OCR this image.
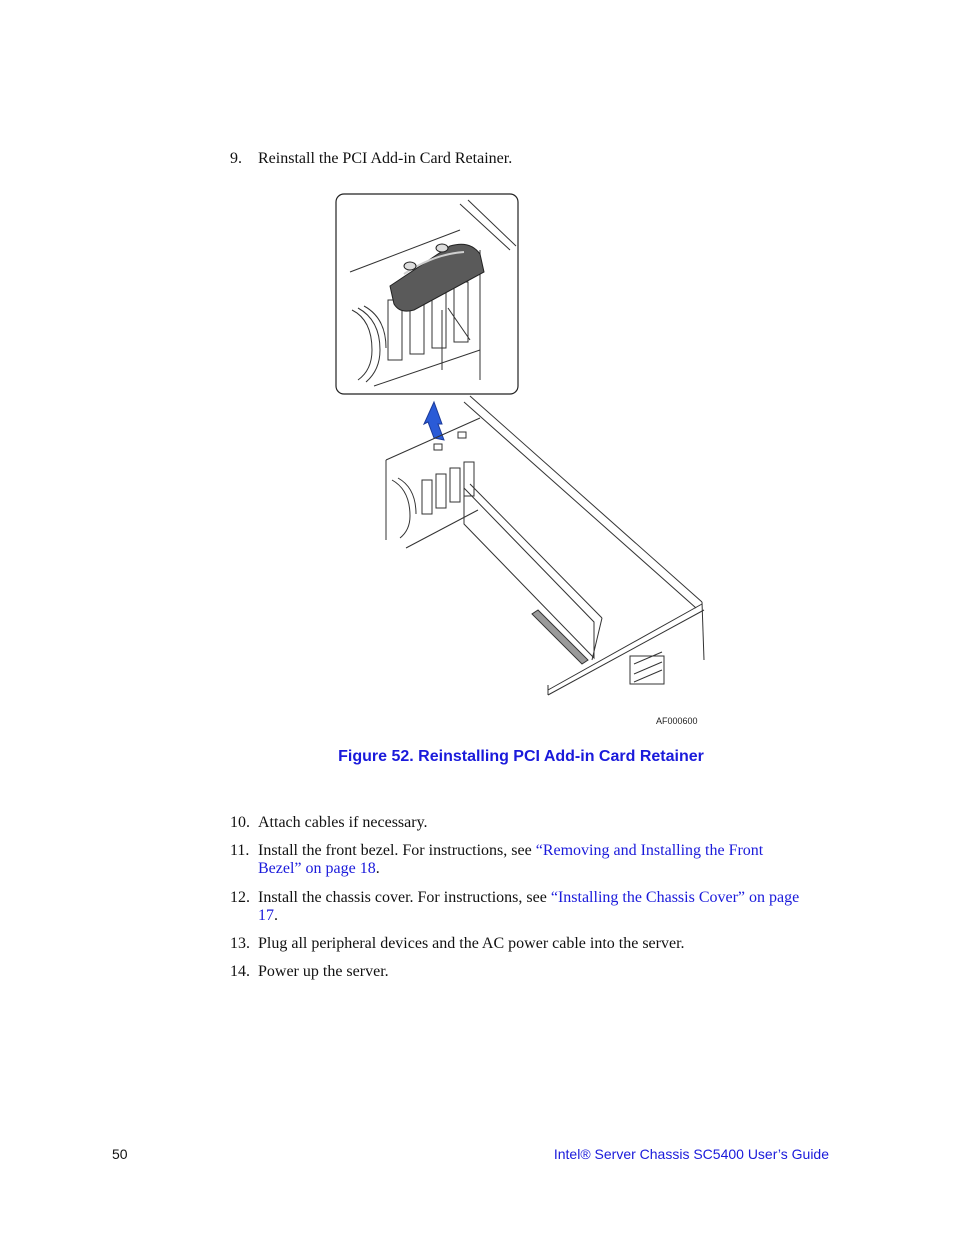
9. Reinstall the PCI Add-in Card Retainer.
AF000600
Figure 52. Reinstalling PCI Add-in Card Retainer
10. Attach cables if necessary.
11. Install the front bezel. For instructions, see “Removing and Installing the Front Bezel” on page 18.
12. Install the chassis cover. For instructions, see “Installing the Chassis Cover” on page 17.
13. Plug all peripheral devices and the AC power cable into the server.
14. Power up the server.
50	Intel® Server Chassis SC5400 User’s Guide
